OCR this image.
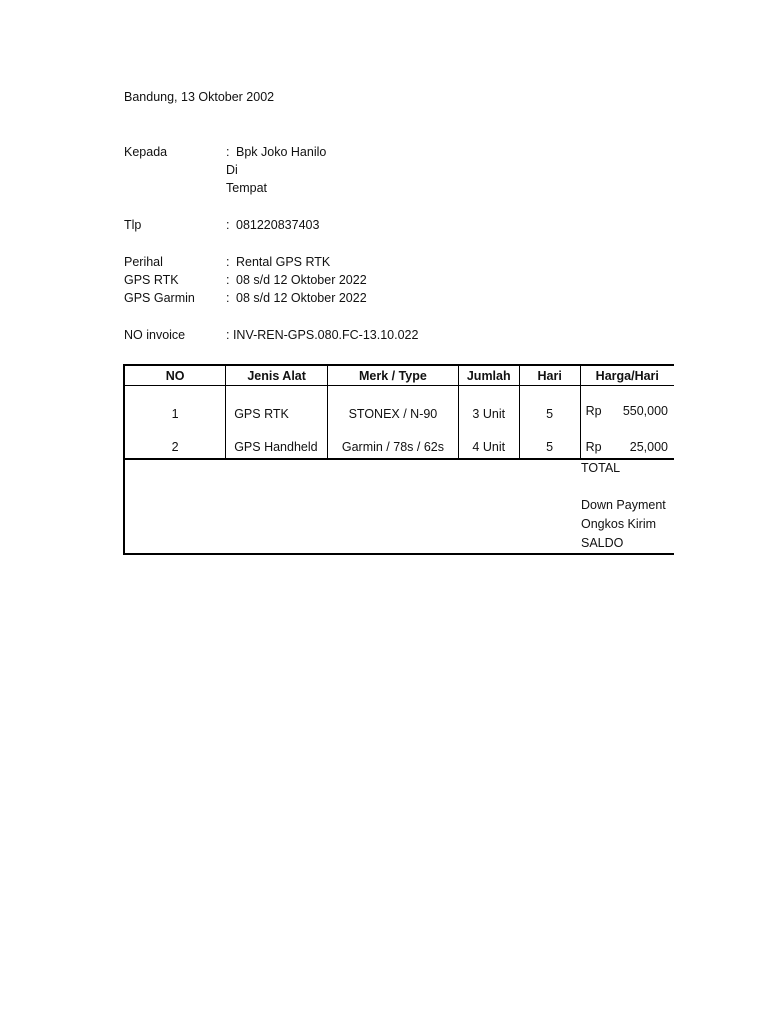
Bandung, 13 Oktober 2002
Kepada	: Bpk Joko Hanilo
Di
Tempat
Tlp	: 081220837403
Perihal	: Rental GPS RTK
GPS RTK	: 08 s/d 12 Oktober 2022
GPS Garmin : 08 s/d 12 Oktober 2022
NO invoice	: INV-REN-GPS.080.FC-13.10.022
NO	Jenis Alat	Merk / Type	Jumlah	Hari	Harga/Hari
1	GPS RTK	STONEX / N-90	3 Unit	5	Rp 550,000

2	GPS Handheld	Garmin / 78s / 62s	4 Unit	5	Rp 25,000
TOTAL
Down Payment
Ongkos Kirim
SALDO
